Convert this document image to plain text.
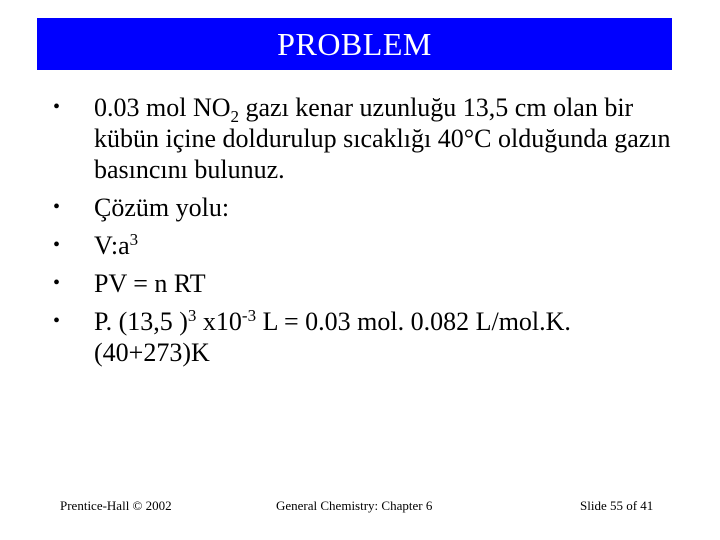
PROBLEM
• 0.03 mol $NO_2$ gazı kenar uzunluğu 13,5 cm olan bir kübün içine doldurulup sıcaklığı 40°C olduğunda gazın basıncını bulunuz.
• Çözüm yolu:
• $V:a^3$
• PV = n RT
• P. (13,5 )$^3$ $x10^{-3}$ L = 0.03 mol. 0.082 L/mol.K. (40+273)K
Prentice-Hall © 2002	General Chemistry: Chapter 6	Slide 55 of 41
